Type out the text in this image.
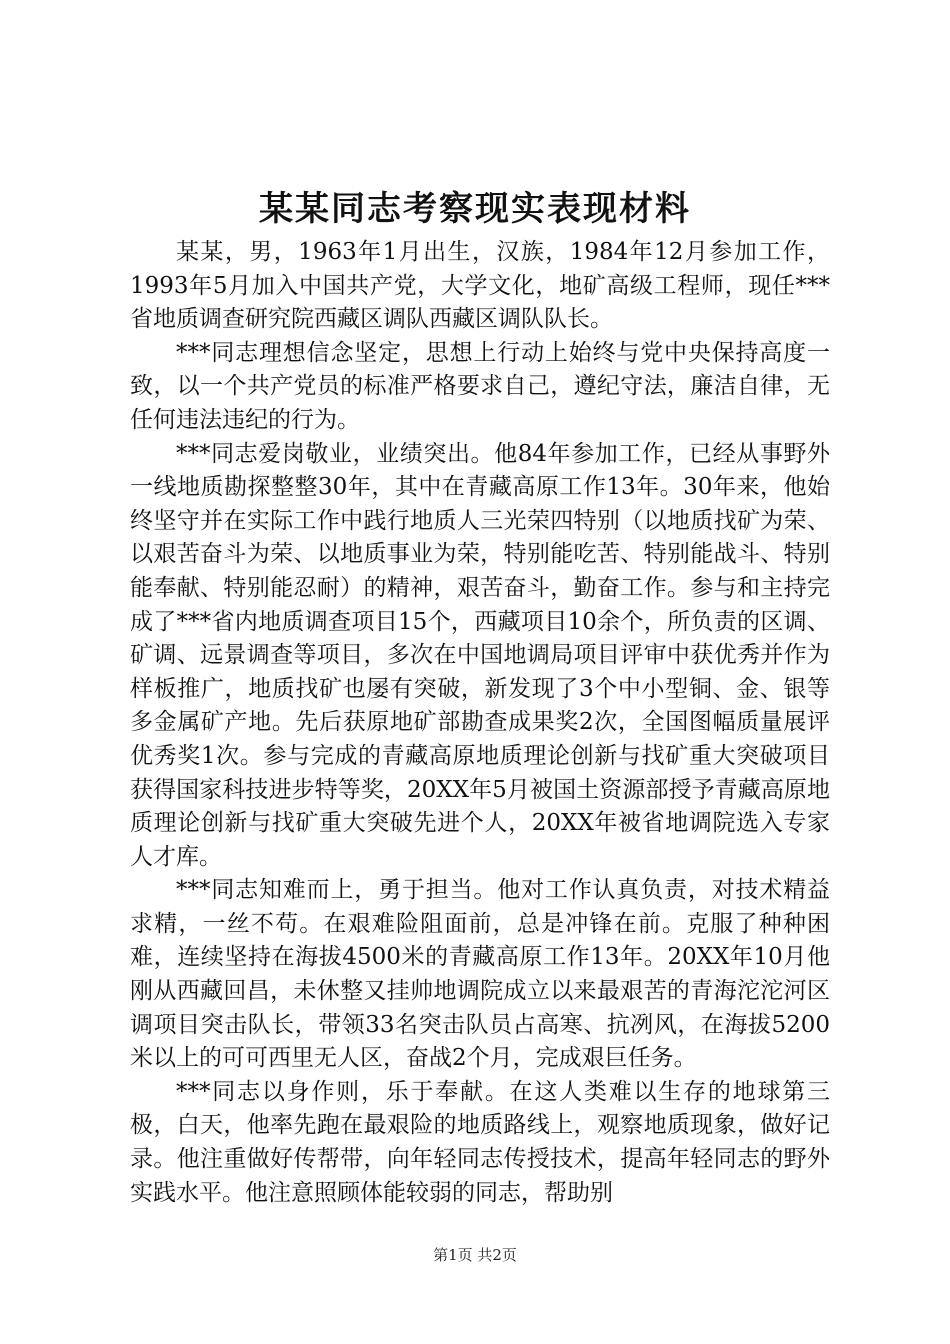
某某同志考察现实表现材料

某某，男，1963年1月出生，汉族，1984年12月参加工作，1993年5月加入中国共产党，大学文化，地矿高级工程师，现任***省地质调查研究院西藏区调队西藏区调队队长。

***同志理想信念坚定，思想上行动上始终与党中央保持高度一致，以一个共产党员的标准严格要求自己，遵纪守法，廉洁自律，无任何违法违纪的行为。

***同志爱岗敬业，业绩突出。他84年参加工作，已经从事野外一线地质勘探整整30年，其中在青藏高原工作13年。30年来，他始终坚守并在实际工作中践行地质人三光荣四特别（以地质找矿为荣、以艰苦奋斗为荣、以地质事业为荣，特别能吃苦、特别能战斗、特别能奉献、特别能忍耐）的精神，艰苦奋斗，勤奋工作。参与和主持完成了***省内地质调查项目15个，西藏项目10余个，所负责的区调、矿调、远景调查等项目，多次在中国地调局项目评审中获优秀并作为样板推广，地质找矿也屡有突破，新发现了3个中小型铜、金、银等多金属矿产地。先后获原地矿部勘查成果奖2次，全国图幅质量展评优秀奖1次。参与完成的青藏高原地质理论创新与找矿重大突破项目获得国家科技进步特等奖，20XX年5月被国土资源部授予青藏高原地质理论创新与找矿重大突破先进个人，20XX年被省地调院选入专家人才库。

***同志知难而上，勇于担当。他对工作认真负责，对技术精益求精，一丝不苟。在艰难险阻面前，总是冲锋在前。克服了种种困难，连续坚持在海拔4500米的青藏高原工作13年。20XX年10月他刚从西藏回昌，未休整又挂帅地调院成立以来最艰苦的青海沱沱河区调项目突击队长，带领33名突击队员占高寒、抗冽风，在海拔5200米以上的可可西里无人区，奋战2个月，完成艰巨任务。

***同志以身作则，乐于奉献。在这人类难以生存的地球第三极，白天，他率先跑在最艰险的地质路线上，观察地质现象，做好记录。他注重做好传帮带，向年轻同志传授技术，提高年轻同志的野外实践水平。他注意照顾体能较弱的同志，帮助别

第1页 共2页
